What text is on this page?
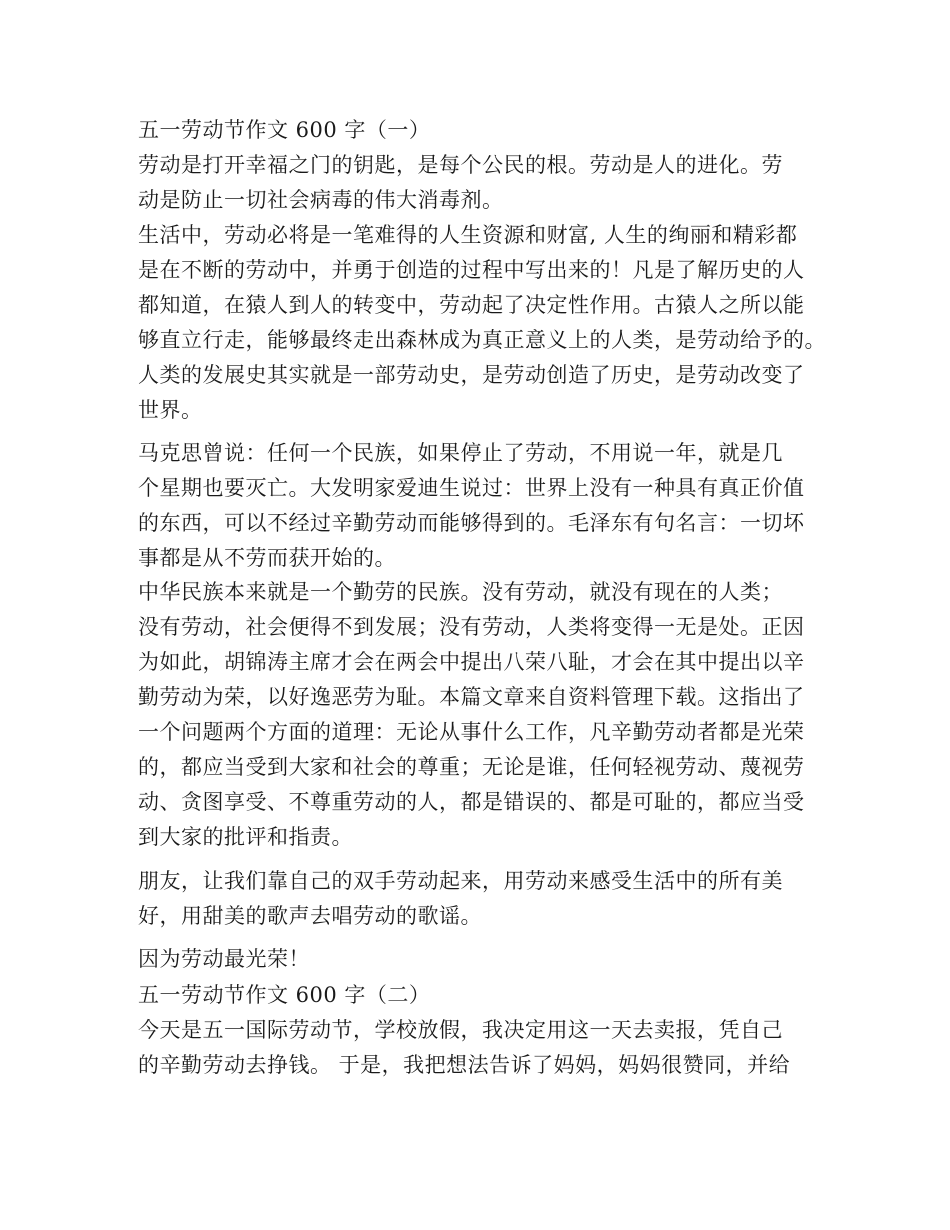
五一劳动节作文 600 字（一）
劳动是打开幸福之门的钥匙，是每个公民的根。劳动是人的进化。劳
动是防止一切社会病毒的伟大消毒剂。
生活中，劳动必将是一笔难得的人生资源和财富, 人生的绚丽和精彩都
是在不断的劳动中，并勇于创造的过程中写出来的！凡是了解历史的人
都知道，在猿人到人的转变中，劳动起了决定性作用。古猿人之所以能
够直立行走，能够最终走出森林成为真正意义上的人类，是劳动给予的。
人类的发展史其实就是一部劳动史，是劳动创造了历史，是劳动改变了
世界。
马克思曾说：任何一个民族，如果停止了劳动，不用说一年，就是几
个星期也要灭亡。大发明家爱迪生说过：世界上没有一种具有真正价值
的东西，可以不经过辛勤劳动而能够得到的。毛泽东有句名言：一切坏
事都是从不劳而获开始的。
中华民族本来就是一个勤劳的民族。没有劳动，就没有现在的人类；
没有劳动，社会便得不到发展；没有劳动，人类将变得一无是处。正因
为如此，胡锦涛主席才会在两会中提出八荣八耻，才会在其中提出以辛
勤劳动为荣，以好逸恶劳为耻。本篇文章来自资料管理下载。这指出了
一个问题两个方面的道理：无论从事什么工作，凡辛勤劳动者都是光荣
的，都应当受到大家和社会的尊重；无论是谁，任何轻视劳动、蔑视劳
动、贪图享受、不尊重劳动的人，都是错误的、都是可耻的，都应当受
到大家的批评和指责。
朋友，让我们靠自己的双手劳动起来，用劳动来感受生活中的所有美
好，用甜美的歌声去唱劳动的歌谣。
因为劳动最光荣！
五一劳动节作文 600 字（二）
今天是五一国际劳动节，学校放假，我决定用这一天去卖报，凭自己
的辛勤劳动去挣钱。 于是，我把想法告诉了妈妈，妈妈很赞同，并给
